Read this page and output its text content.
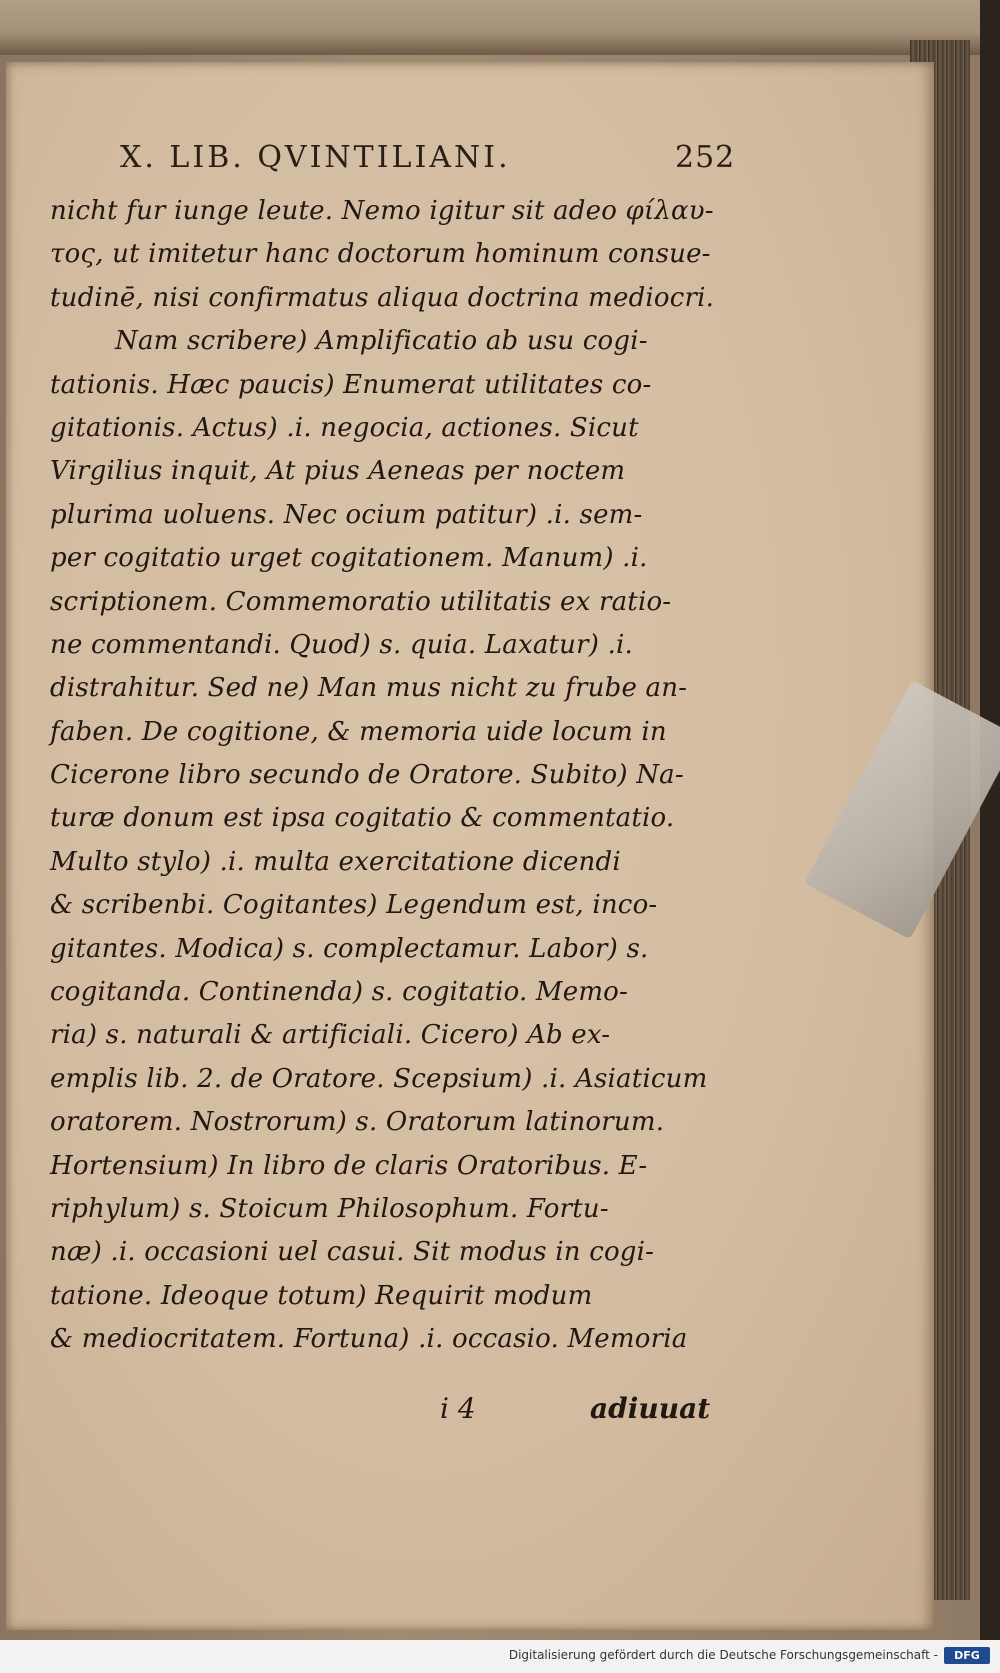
X. LIB. QVINTILIANI.	252
nicht fur iunge leute. Nemo igitur sit adeo φίλαυ-
τος, ut imitetur hanc doctorum hominum consue-
tudinē, nisi confirmatus aliqua doctrina mediocri.
Nam scribere) Amplificatio ab usu cogi-
tationis. Hæc paucis) Enumerat utilitates co-
gitationis. Actus) .i. negocia, actiones. Sicut
Virgilius inquit, At pius Aeneas per noctem
plurima uoluens. Nec ocium patitur) .i. sem-
per cogitatio urget cogitationem. Manum) .i.
scriptionem. Commemoratio utilitatis ex ratio-
ne commentandi. Quod) s. quia. Laxatur) .i.
distrahitur. Sed ne) Man mus nicht zu frube an-
faben. De cogitione, & memoria uide locum in
Cicerone libro secundo de Oratore. Subito) Na-
turæ donum est ipsa cogitatio & commentatio.
Multo stylo) .i. multa exercitatione dicendi
& scribenbi. Cogitantes) Legendum est, inco-
gitantes. Modica) s. complectamur. Labor) s.
cogitanda. Continenda) s. cogitatio. Memo-
ria) s. naturali & artificiali. Cicero) Ab ex-
emplis lib. 2. de Oratore. Scepsium) .i. Asiaticum
oratorem. Nostrorum) s. Oratorum latinorum.
Hortensium) In libro de claris Oratoribus. E-
riphylum) s. Stoicum Philosophum. Fortu-
næ) .i. occasioni uel casui. Sit modus in cogi-
tatione. Ideoque totum) Requirit modum
& mediocritatem. Fortuna) .i. occasio. Memoria
i 4	adiuuat
Digitalisierung gefördert durch die Deutsche Forschungsgemeinschaft -	DFG
